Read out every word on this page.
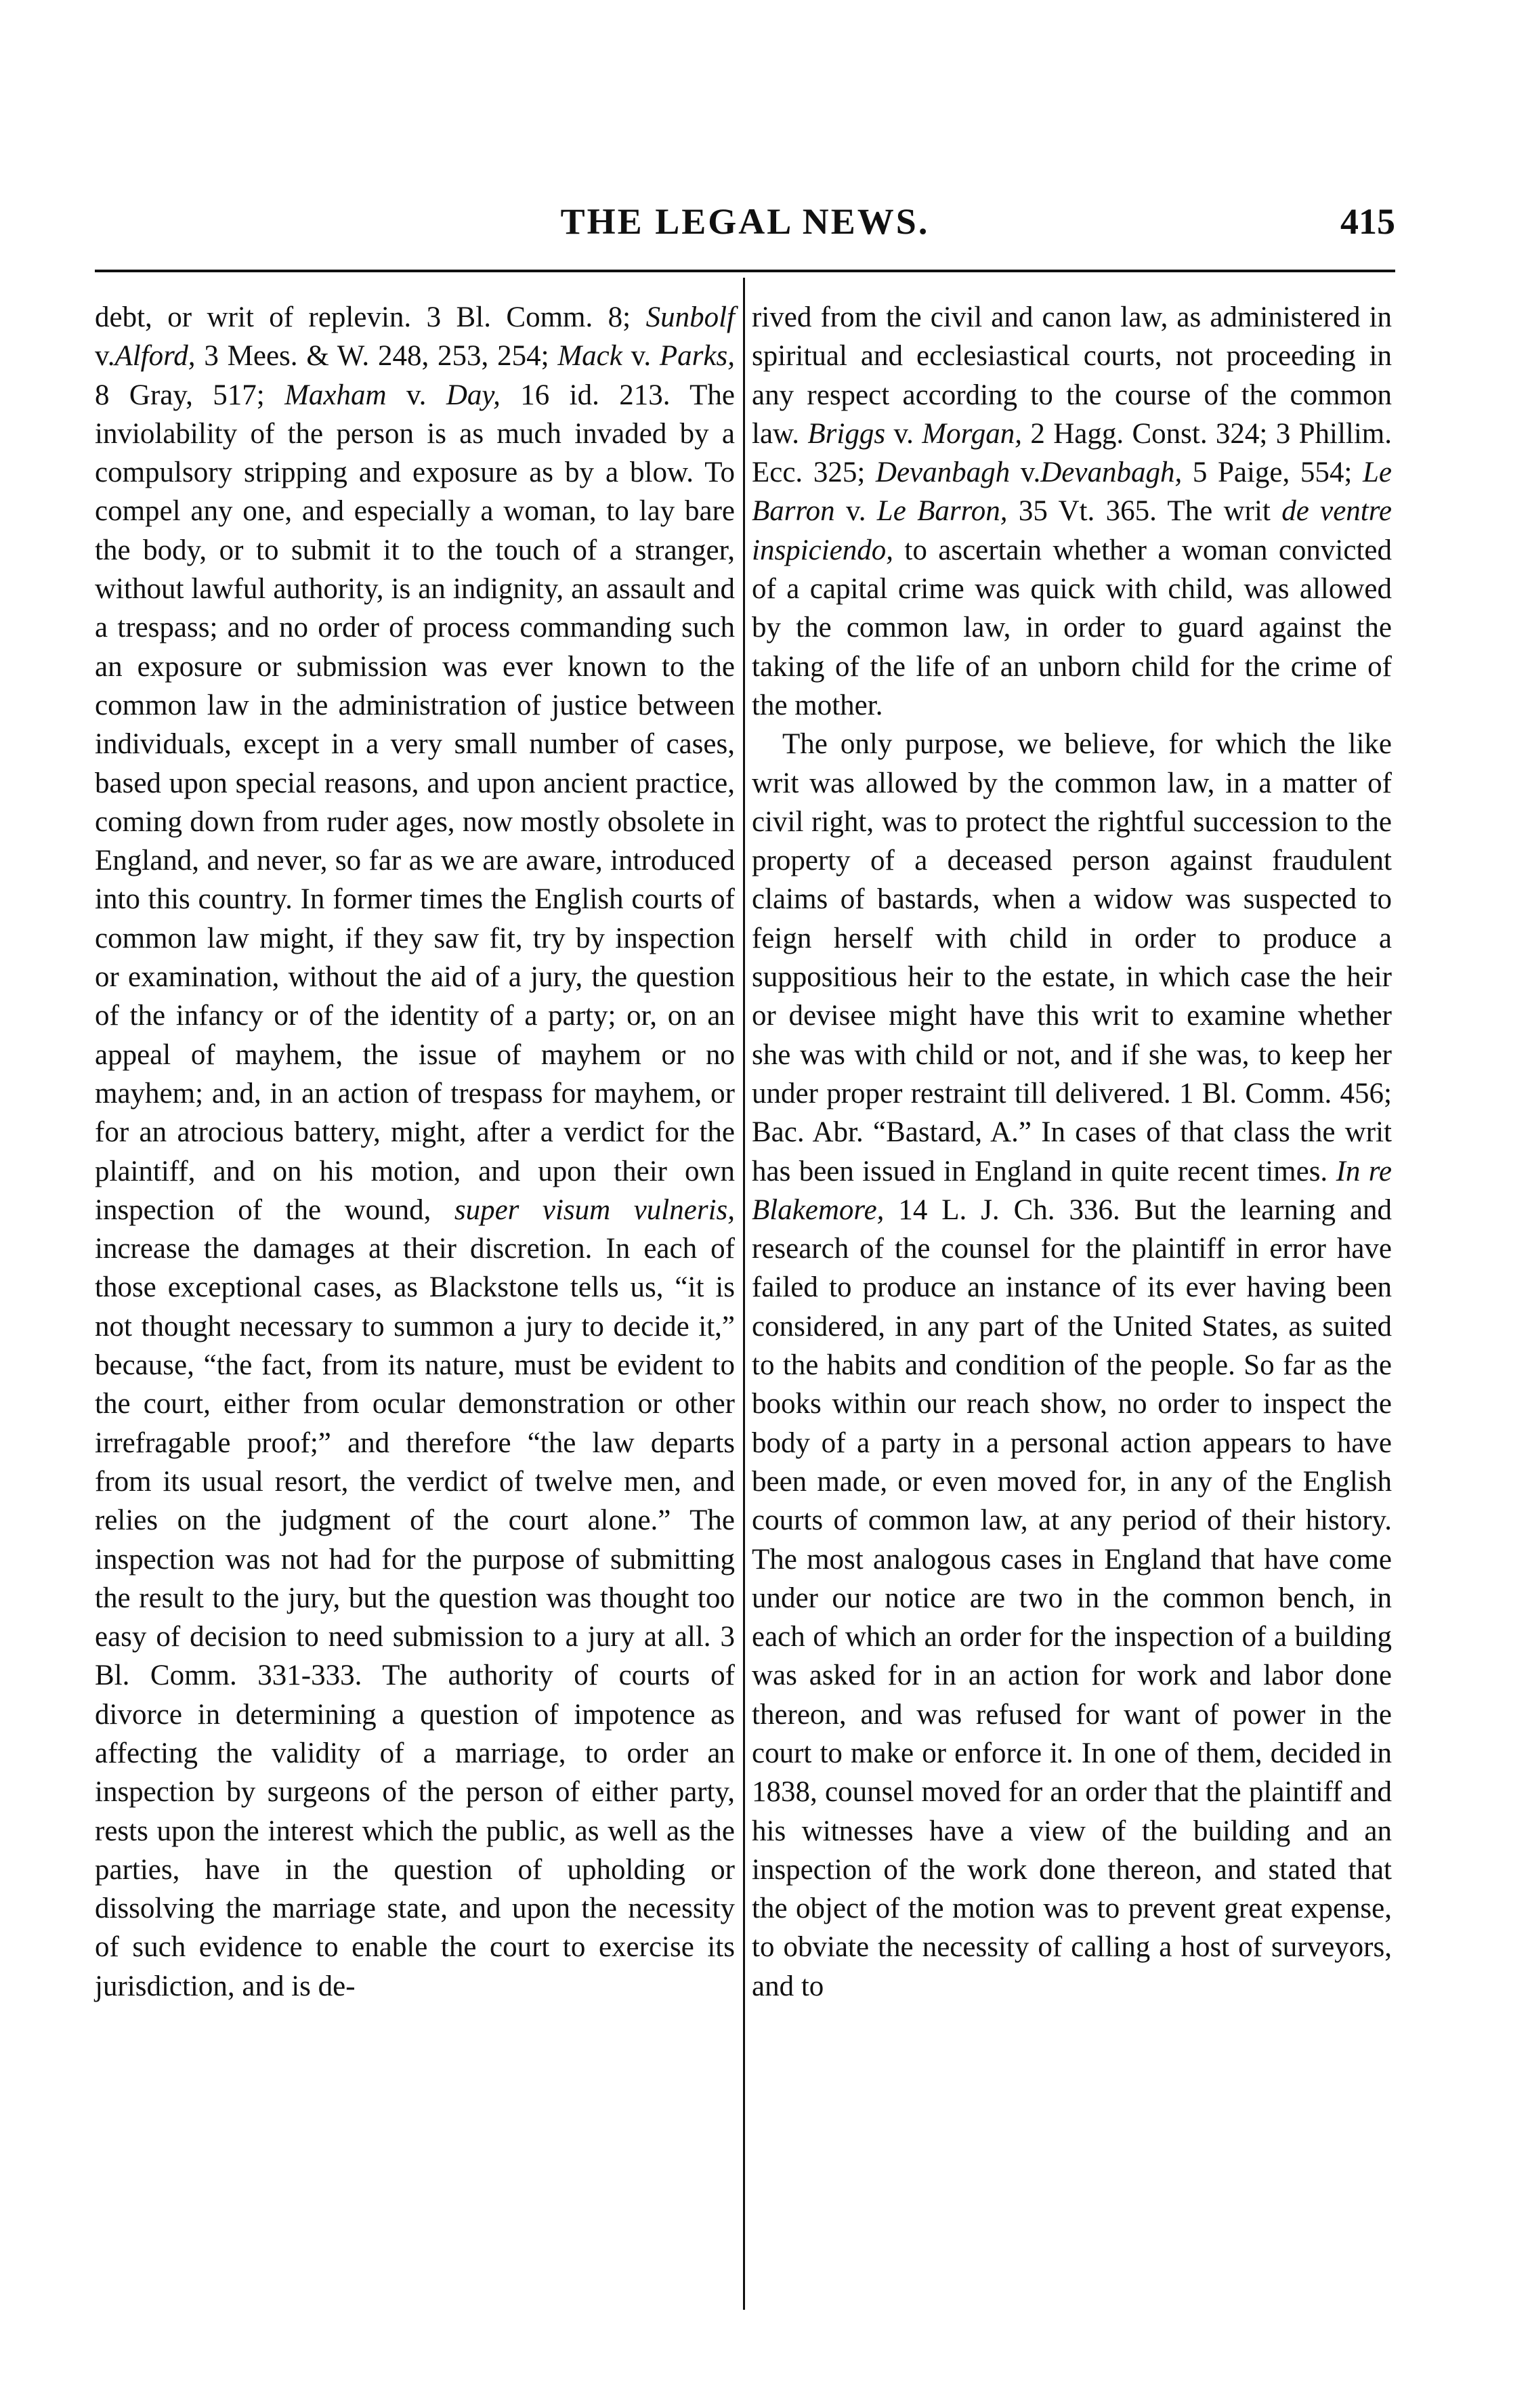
THE LEGAL NEWS.	415

debt, or writ of replevin. 3 Bl. Comm. 8; Sunbolf v.Alford, 3 Mees. & W. 248, 253, 254; Mack v. Parks, 8 Gray, 517; Maxham v. Day, 16 id. 213. The inviolability of the person is as much invaded by a compulsory stripping and exposure as by a blow. To compel any one, and especially a woman, to lay bare the body, or to submit it to the touch of a stranger, without lawful authority, is an indignity, an assault and a trespass; and no order of process commanding such an exposure or submission was ever known to the common law in the administration of justice between individuals, except in a very small number of cases, based upon special reasons, and upon ancient practice, coming down from ruder ages, now mostly obsolete in England, and never, so far as we are aware, introduced into this country. In former times the English courts of common law might, if they saw fit, try by inspection or examination, without the aid of a jury, the question of the infancy or of the identity of a party; or, on an appeal of mayhem, the issue of mayhem or no mayhem; and, in an action of trespass for mayhem, or for an atrocious battery, might, after a verdict for the plaintiff, and on his motion, and upon their own inspection of the wound, super visum vulneris, increase the damages at their discretion. In each of those exceptional cases, as Blackstone tells us, “it is not thought necessary to summon a jury to decide it,” because, “the fact, from its nature, must be evident to the court, either from ocular demonstration or other irrefragable proof;” and therefore “the law departs from its usual resort, the verdict of twelve men, and relies on the judgment of the court alone.” The inspection was not had for the purpose of submitting the result to the jury, but the question was thought too easy of decision to need submission to a jury at all. 3 Bl. Comm. 331-333. The authority of courts of divorce in determining a question of impotence as affecting the validity of a marriage, to order an inspection by surgeons of the person of either party, rests upon the interest which the public, as well as the parties, have in the question of upholding or dissolving the marriage state, and upon the necessity of such evidence to enable the court to exercise its jurisdiction, and is de-

rived from the civil and canon law, as administered in spiritual and ecclesiastical courts, not proceeding in any respect according to the course of the common law. Briggs v. Morgan, 2 Hagg. Const. 324; 3 Phillim. Ecc. 325; Devanbagh v.Devanbagh, 5 Paige, 554; Le Barron v. Le Barron, 35 Vt. 365. The writ de ventre inspiciendo, to ascertain whether a woman convicted of a capital crime was quick with child, was allowed by the common law, in order to guard against the taking of the life of an unborn child for the crime of the mother.

The only purpose, we believe, for which the like writ was allowed by the common law, in a matter of civil right, was to protect the rightful succession to the property of a deceased person against fraudulent claims of bastards, when a widow was suspected to feign herself with child in order to produce a suppositious heir to the estate, in which case the heir or devisee might have this writ to examine whether she was with child or not, and if she was, to keep her under proper restraint till delivered. 1 Bl. Comm. 456; Bac. Abr. “Bastard, A.” In cases of that class the writ has been issued in England in quite recent times. In re Blakemore, 14 L. J. Ch. 336. But the learning and research of the counsel for the plaintiff in error have failed to produce an instance of its ever having been considered, in any part of the United States, as suited to the habits and condition of the people. So far as the books within our reach show, no order to inspect the body of a party in a personal action appears to have been made, or even moved for, in any of the English courts of common law, at any period of their history. The most analogous cases in England that have come under our notice are two in the common bench, in each of which an order for the inspection of a building was asked for in an action for work and labor done thereon, and was refused for want of power in the court to make or enforce it. In one of them, decided in 1838, counsel moved for an order that the plaintiff and his witnesses have a view of the building and an inspection of the work done thereon, and stated that the object of the motion was to prevent great expense, to obviate the necessity of calling a host of surveyors, and to
